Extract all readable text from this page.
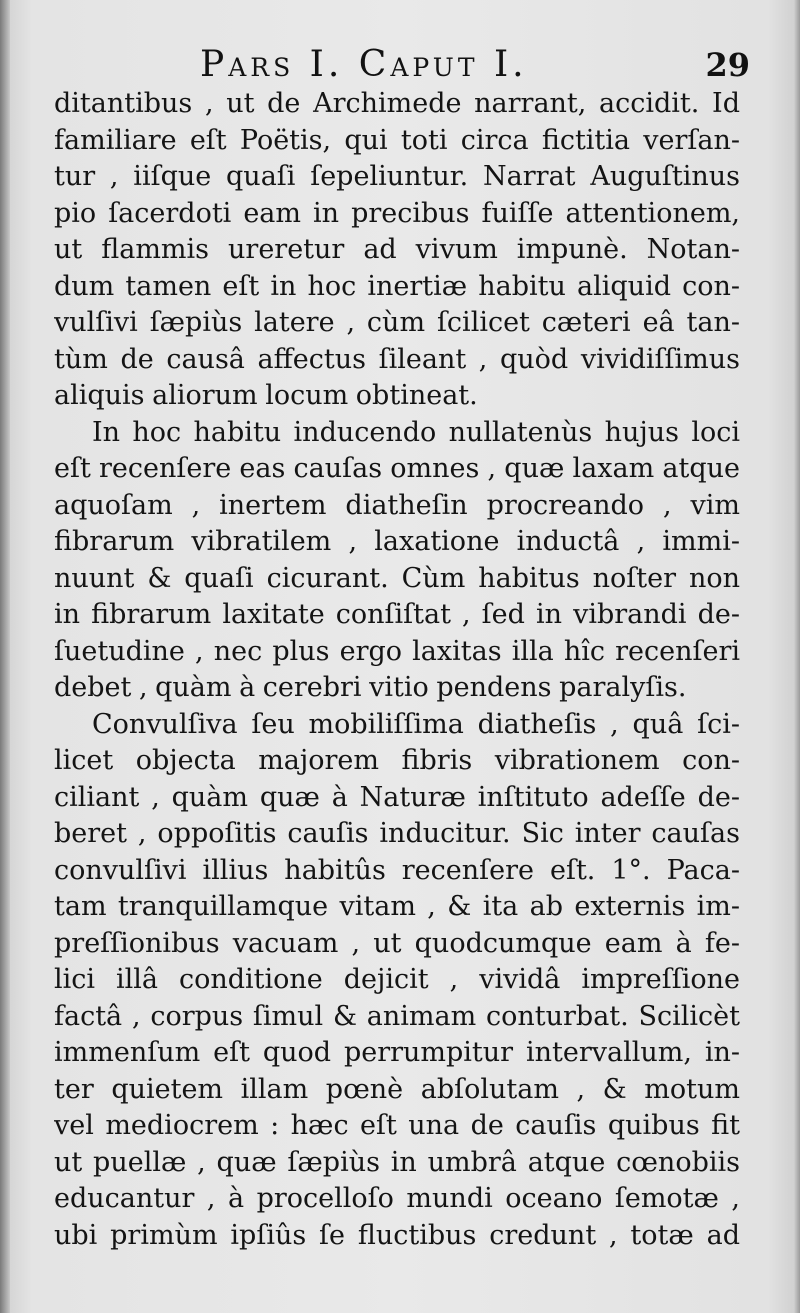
Pars I. Caput I.	29
ditantibus , ut de Archimede narrant, accidit. Id
familiare eſt Poëtis, qui toti circa fictitia verſan-
tur , iiſque quaſi ſepeliuntur. Narrat Auguſtinus
pio ſacerdoti eam in precibus fuiſſe attentionem,
ut flammis ureretur ad vivum impunè. Notan-
dum tamen eſt in hoc inertiæ habitu aliquid con-
vulſivi ſæpiùs latere , cùm ſcilicet cæteri eâ tan-
tùm de causâ affectus ſileant , quòd vividiſſimus
aliquis aliorum locum obtineat.
In hoc habitu inducendo nullatenùs hujus loci
eſt recenſere eas cauſas omnes , quæ laxam atque
aquoſam , inertem diatheſin procreando , vim
fibrarum vibratilem , laxatione inductâ , immi-
nuunt & quaſi cicurant. Cùm habitus noſter non
in fibrarum laxitate conſiſtat , ſed in vibrandi de-
ſuetudine , nec plus ergo laxitas illa hîc recenſeri
debet , quàm à cerebri vitio pendens paralyſis.
Convulſiva ſeu mobiliſſima diatheſis , quâ ſci-
licet objecta majorem fibris vibrationem con-
ciliant , quàm quæ à Naturæ inſtituto adeſſe de-
beret , oppoſitis cauſis inducitur. Sic inter cauſas
convulſivi illius habitûs recenſere eſt. 1°. Paca-
tam tranquillamque vitam , & ita ab externis im-
preſſionibus vacuam , ut quodcumque eam à fe-
lici illâ conditione dejicit , vividâ impreſſione
factâ , corpus ſimul & animam conturbat. Scilicèt
immenſum eſt quod perrumpitur intervallum, in-
ter quietem illam pœnè abſolutam , & motum
vel mediocrem : hæc eſt una de cauſis quibus fit
ut puellæ , quæ ſæpiùs in umbrâ atque cœnobiis
educantur , à procelloſo mundi oceano ſemotæ ,
ubi primùm ipſiûs ſe fluctibus credunt , totæ ad
